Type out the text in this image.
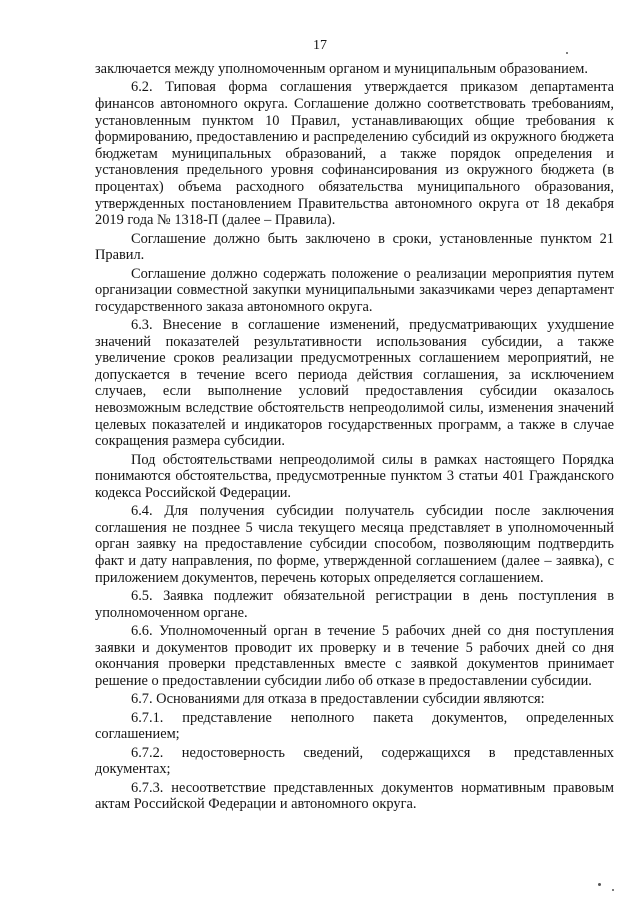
17

заключается между уполномоченным органом и муниципальным образованием.

6.2. Типовая форма соглашения утверждается приказом департамента финансов автономного округа. Соглашение должно соответствовать требованиям, установленным пунктом 10 Правил, устанавливающих общие требования к формированию, предоставлению и распределению субсидий из окружного бюджета бюджетам муниципальных образований, а также порядок определения и установления предельного уровня софинансирования из окружного бюджета (в процентах) объема расходного обязательства муниципального образования, утвержденных постановлением Правительства автономного округа от 18 декабря 2019 года № 1318-П (далее – Правила).

Соглашение должно быть заключено в сроки, установленные пунктом 21 Правил.

Соглашение должно содержать положение о реализации мероприятия путем организации совместной закупки муниципальными заказчиками через департамент государственного заказа автономного округа.

6.3. Внесение в соглашение изменений, предусматривающих ухудшение значений показателей результативности использования субсидии, а также увеличение сроков реализации предусмотренных соглашением мероприятий, не допускается в течение всего периода действия соглашения, за исключением случаев, если выполнение условий предоставления субсидии оказалось невозможным вследствие обстоятельств непреодолимой силы, изменения значений целевых показателей и индикаторов государственных программ, а также в случае сокращения размера субсидии.

Под обстоятельствами непреодолимой силы в рамках настоящего Порядка понимаются обстоятельства, предусмотренные пунктом 3 статьи 401 Гражданского кодекса Российской Федерации.

6.4. Для получения субсидии получатель субсидии после заключения соглашения не позднее 5 числа текущего месяца представляет в уполномоченный орган заявку на предоставление субсидии способом, позволяющим подтвердить факт и дату направления, по форме, утвержденной соглашением (далее – заявка), с приложением документов, перечень которых определяется соглашением.

6.5. Заявка подлежит обязательной регистрации в день поступления в уполномоченном органе.

6.6. Уполномоченный орган в течение 5 рабочих дней со дня поступления заявки и документов проводит их проверку и в течение 5 рабочих дней со дня окончания проверки представленных вместе с заявкой документов принимает решение о предоставлении субсидии либо об отказе в предоставлении субсидии.

6.7. Основаниями для отказа в предоставлении субсидии являются:

6.7.1. представление неполного пакета документов, определенных соглашением;

6.7.2. недостоверность сведений, содержащихся в представленных документах;

6.7.3. несоответствие представленных документов нормативным правовым актам Российской Федерации и автономного округа.
